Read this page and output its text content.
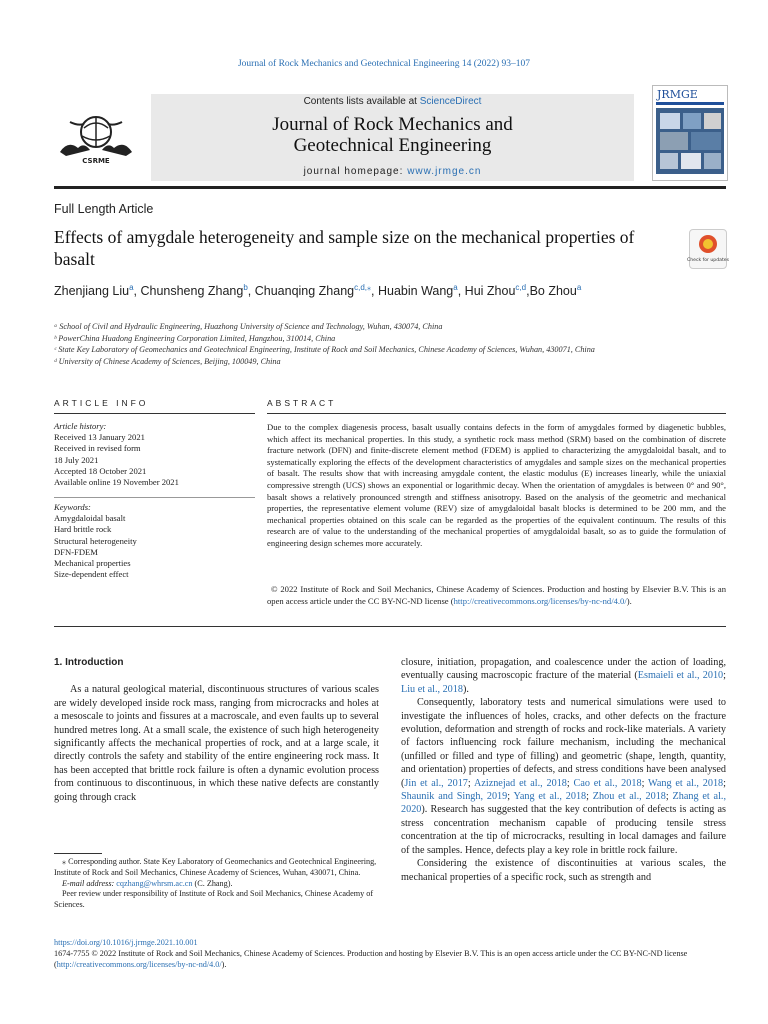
Journal of Rock Mechanics and Geotechnical Engineering 14 (2022) 93–107
CSRME
Contents lists available at ScienceDirect
Journal of Rock Mechanics and
Geotechnical Engineering
journal homepage: www.jrmge.cn
JRMGE
Full Length Article
Effects of amygdale heterogeneity and sample size on the mechanical properties of basalt	Check for updates
Zhenjiang Liu$^a$, Chunsheng Zhang$^b$, Chuanqing Zhang$^{c,d,⁎}$, Huabin Wang$^a$, Hui Zhou$^{c,d}$,Bo Zhou$^a$
ᵃ School of Civil and Hydraulic Engineering, Huazhong University of Science and Technology, Wuhan, 430074, China
ᵇ PowerChina Huadong Engineering Corporation Limited, Hangzhou, 310014, China
ᶜ State Key Laboratory of Geomechanics and Geotechnical Engineering, Institute of Rock and Soil Mechanics, Chinese Academy of Sciences, Wuhan, 430071, China
ᵈ University of Chinese Academy of Sciences, Beijing, 100049, China
ARTICLE INFO	ABSTRACT
Article history:
Received 13 January 2021
Received in revised form
18 July 2021
Accepted 18 October 2021
Available online 19 November 2021
Keywords:
Amygdaloidal basalt
Hard brittle rock
Structural heterogeneity
DFN-FDEM
Mechanical properties
Size-dependent effect
Due to the complex diagenesis process, basalt usually contains defects in the form of amygdales formed by diagenetic bubbles, which affect its mechanical properties. In this study, a synthetic rock mass method (SRM) based on the combination of discrete fracture network (DFN) and finite-discrete element method (FDEM) is applied to characterizing the amygdaloidal basalt, and to systematically exploring the effects of the development characteristics of amygdales and sample sizes on the mechanical properties of basalt. The results show that with increasing amygdale content, the elastic modulus (E) increases linearly, while the uniaxial compressive strength (UCS) shows an exponential or logarithmic decay. When the orientation of amygdales is between 0° and 90°, basalt shows a relatively pronounced strength and stiffness anisotropy. Based on the analysis of the geometric and mechanical properties, the representative element volume (REV) size of amygdaloidal basalt blocks is determined to be 200 mm, and the mechanical properties obtained on this scale can be regarded as the properties of the equivalent continuum. The results of this research are of value to the understanding of the mechanical properties of amygdaloidal basalt, so as to guide the formulation of engineering design schemes more accurately.
© 2022 Institute of Rock and Soil Mechanics, Chinese Academy of Sciences. Production and hosting by Elsevier B.V. This is an open access article under the CC BY-NC-ND license (http://creativecommons.org/licenses/by-nc-nd/4.0/).
1. Introduction

As a natural geological material, discontinuous structures of various scales are widely developed inside rock mass, ranging from microcracks and holes at a mesoscale to joints and fissures at a macroscale, and even faults up to several hundred metres long. At a small scale, the existence of such high heterogeneity significantly affects the mechanical properties of rock, and at a large scale, it directly controls the safety and stability of the entire engineering rock mass. It has been accepted that brittle rock failure is often a dynamic evolution process from continuous to discontinuous, in which these native defects are constantly going through crack

closure, initiation, propagation, and coalescence under the action of loading, eventually causing macroscopic fracture of the material (Esmaieli et al., 2010; Liu et al., 2018).

Consequently, laboratory tests and numerical simulations were used to investigate the influences of holes, cracks, and other defects on the fracture evolution, deformation and strength of rocks and rock-like materials. A variety of factors influencing rock failure mechanism, including the mechanical (unfilled or filled and type of filling) and geometric (shape, length, quantity, and orientation) properties of defects, and stress conditions have been analysed (Jin et al., 2017; Aziznejad et al., 2018; Cao et al., 2018; Wang et al., 2018; Shaunik and Singh, 2019; Yang et al., 2018; Zhou et al., 2018; Zhang et al., 2020). Research has suggested that the key contribution of defects is acting as stress concentration mechanism capable of producing tensile stress concentration at the tip of microcracks, resulting in local damages and failure of the samples. Hence, defects play a key role in brittle rock failure.

Considering the existence of discontinuities at various scales, the mechanical properties of a specific rock, such as strength and

⁎ Corresponding author. State Key Laboratory of Geomechanics and Geotechnical Engineering, Institute of Rock and Soil Mechanics, Chinese Academy of Sciences, Wuhan, 430071, China.
E-mail address: cqzhang@whrsm.ac.cn (C. Zhang).
Peer review under responsibility of Institute of Rock and Soil Mechanics, Chinese Academy of Sciences.
https://doi.org/10.1016/j.jrmge.2021.10.001
1674-7755 © 2022 Institute of Rock and Soil Mechanics, Chinese Academy of Sciences. Production and hosting by Elsevier B.V. This is an open access article under the CC BY-NC-ND license (http://creativecommons.org/licenses/by-nc-nd/4.0/).
